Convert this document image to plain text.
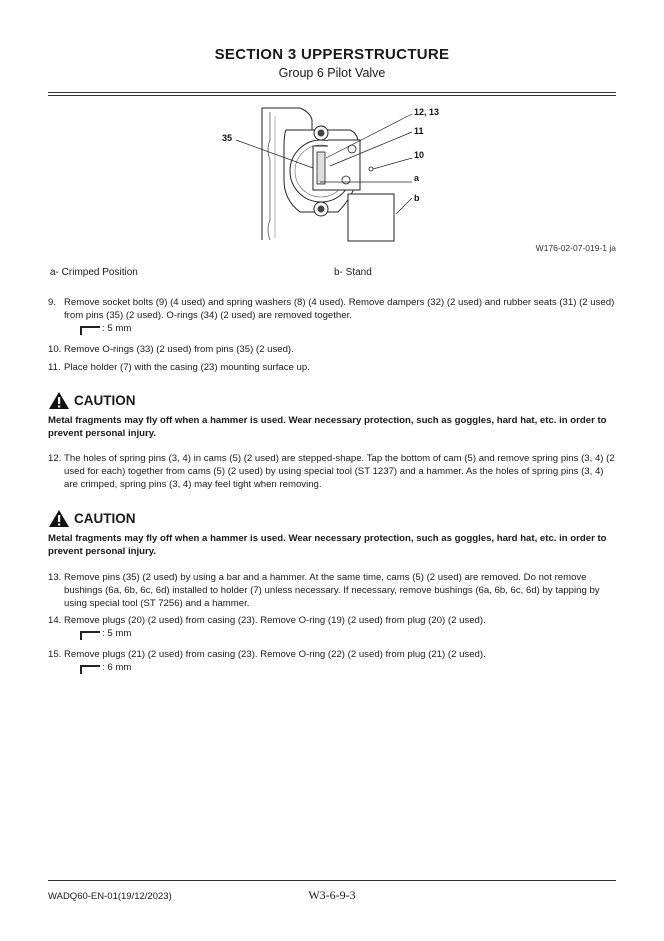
SECTION 3 UPPERSTRUCTURE
Group 6 Pilot Valve
12, 13
11
35
10
a
b
W176-02-07-019-1 ja
a- Crimped Position	b- Stand
9. Remove socket bolts (9) (4 used) and spring washers (8) (4 used). Remove dampers (32) (2 used) and rubber seats (31) (2 used) from pins (35) (2 used). O-rings (34) (2 used) are removed together.
: 5 mm
10. Remove O-rings (33) (2 used) from pins (35) (2 used).
11. Place holder (7) with the casing (23) mounting surface up.
CAUTION
Metal fragments may fly off when a hammer is used. Wear necessary protection, such as goggles, hard hat, etc. in order to prevent personal injury.
12. The holes of spring pins (3, 4) in cams (5) (2 used) are stepped-shape. Tap the bottom of cam (5) and remove spring pins (3, 4) (2 used for each) together from cams (5) (2 used) by using special tool (ST 1237) and a hammer. As the holes of spring pins (3, 4) are crimped, spring pins (3, 4) may feel tight when removing.
CAUTION
Metal fragments may fly off when a hammer is used. Wear necessary protection, such as goggles, hard hat, etc. in order to prevent personal injury.
13. Remove pins (35) (2 used) by using a bar and a hammer. At the same time, cams (5) (2 used) are removed. Do not remove bushings (6a, 6b, 6c, 6d) installed to holder (7) unless necessary. If necessary, remove bushings (6a, 6b, 6c, 6d) by tapping by using special tool (ST 7256) and a hammer.
14. Remove plugs (20) (2 used) from casing (23). Remove O-ring (19) (2 used) from plug (20) (2 used).
: 5 mm
15. Remove plugs (21) (2 used) from casing (23). Remove O-ring (22) (2 used) from plug (21) (2 used).
: 6 mm
WADQ60-EN-01(19/12/2023)	W3-6-9-3
